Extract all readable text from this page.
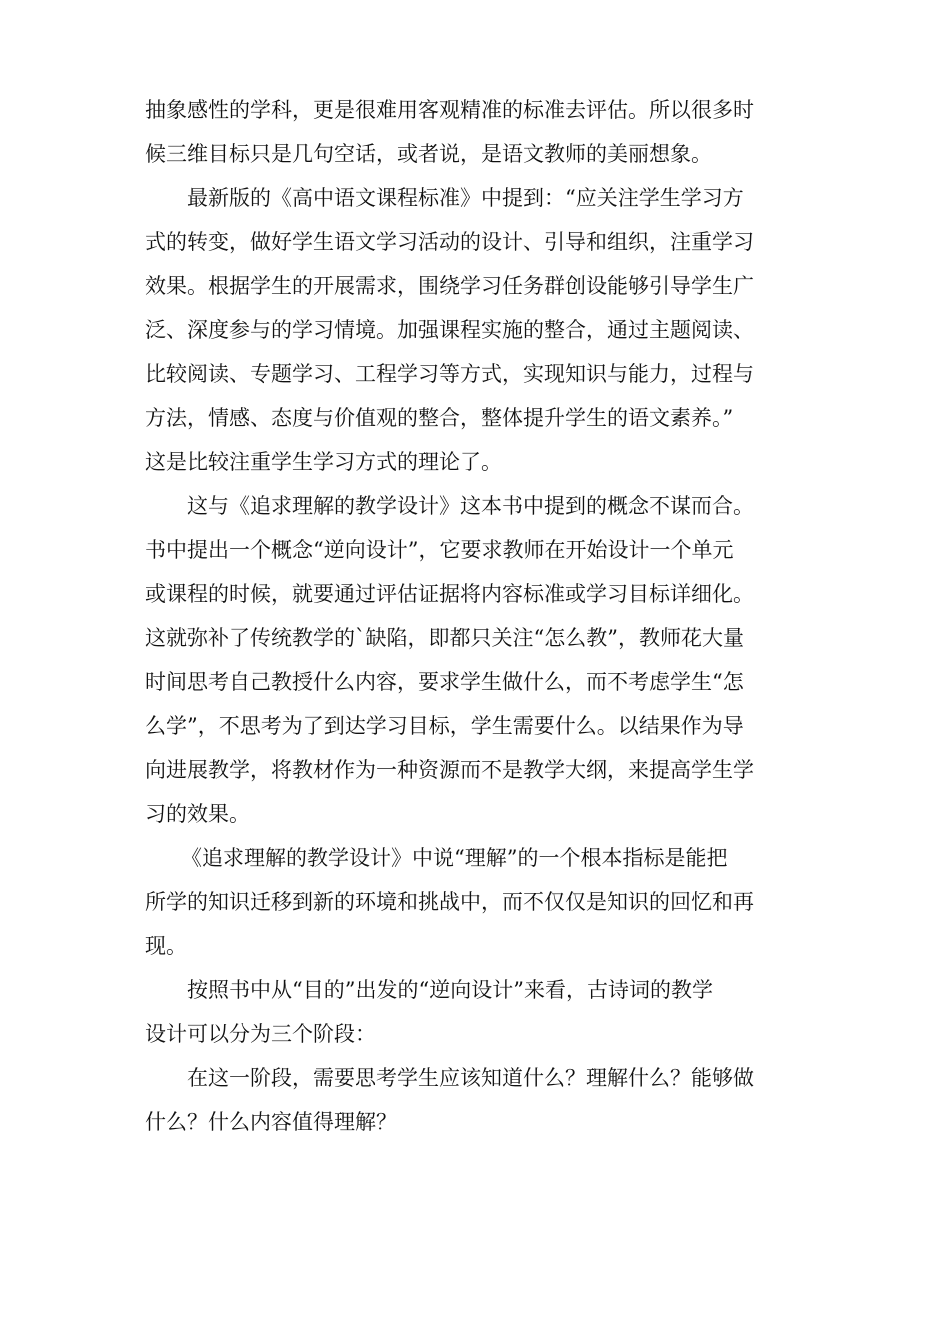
抽象感性的学科，更是很难用客观精准的标准去评估。所以很多时
候三维目标只是几句空话，或者说，是语文教师的美丽想象。

最新版的《高中语文课程标准》中提到：“应关注学生学习方
式的转变，做好学生语文学习活动的设计、引导和组织，注重学习
效果。根据学生的开展需求，围绕学习任务群创设能够引导学生广
泛、深度参与的学习情境。加强课程实施的整合，通过主题阅读、
比较阅读、专题学习、工程学习等方式，实现知识与能力，过程与
方法，情感、态度与价值观的整合，整体提升学生的语文素养。”
这是比较注重学生学习方式的理论了。

这与《追求理解的教学设计》这本书中提到的概念不谋而合。
书中提出一个概念“逆向设计”，它要求教师在开始设计一个单元
或课程的时候，就要通过评估证据将内容标准或学习目标详细化。
这就弥补了传统教学的`缺陷，即都只关注“怎么教”，教师花大量
时间思考自己教授什么内容，要求学生做什么，而不考虑学生“怎
么学”，不思考为了到达学习目标，学生需要什么。以结果作为导
向进展教学，将教材作为一种资源而不是教学大纲，来提高学生学
习的效果。

《追求理解的教学设计》中说“理解”的一个根本指标是能把
所学的知识迁移到新的环境和挑战中，而不仅仅是知识的回忆和再
现。

按照书中从“目的”出发的“逆向设计”来看，古诗词的教学
设计可以分为三个阶段：

在这一阶段，需要思考学生应该知道什么？理解什么？能够做
什么？什么内容值得理解？
